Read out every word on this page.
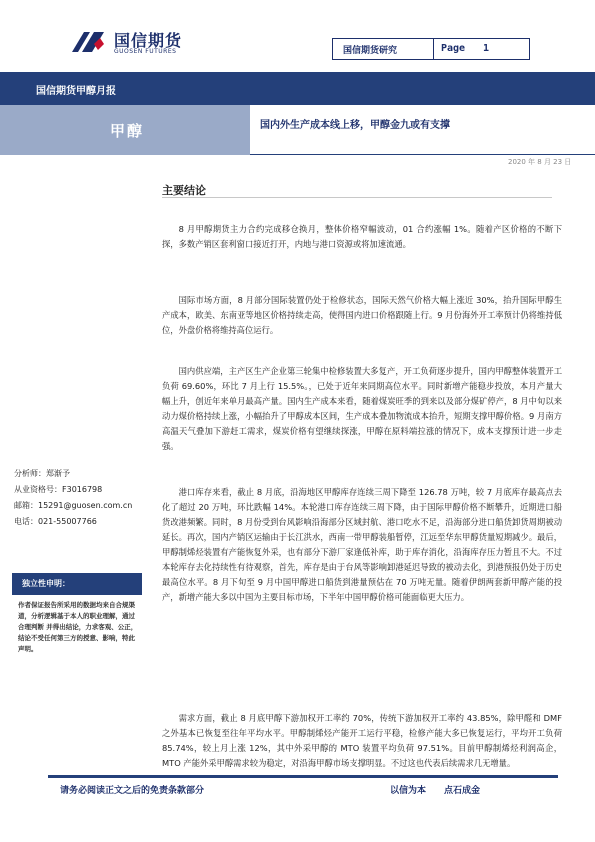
国信期货
GUOSEN FUTURES	国信期货研究	Page 1
国信期货甲醇月报
甲醇	国内外生产成本线上移，甲醇金九或有支撑
2020 年 8 月 23 日
主要结论

8 月甲醇期货主力合约完成移仓换月，整体价格窄幅波动，01 合约涨幅 1%。随着产区价格的不断下探，多数产销区套利窗口接近打开，内地与港口资源或将加速流通。

国际市场方面，8 月部分国际装置仍处于检修状态，国际天然气价格大幅上涨近 30%，抬升国际甲醇生产成本，欧美、东南亚等地区价格持续走高，使得国内进口价格跟随上行。9 月份海外开工率预计仍将维持低位，外盘价格将维持高位运行。

国内供应端，主产区生产企业第三轮集中检修装置大多复产，开工负荷逐步提升，国内甲醇整体装置开工负荷 69.60%，环比 7 月上行 15.5%。，已处于近年来同期高位水平。同时新增产能稳步投放，本月产量大幅上升，创近年来单月最高产量。国内生产成本来看，随着煤炭旺季的到来以及部分煤矿停产，8 月中旬以来动力煤价格持续上涨，小幅抬升了甲醇成本区间，生产成本叠加物流成本抬升，短期支撑甲醇价格。9 月南方高温天气叠加下游赶工需求，煤炭价格有望继续探涨，甲醇在原料端拉涨的情况下，成本支撑预计进一步走强。

港口库存来看，截止 8 月底，沿海地区甲醇库存连续三周下降至 126.78 万吨，较 7 月底库存最高点去化了超过 20 万吨，环比跌幅 14%。本轮港口库存连续三周下降，由于国际甲醇价格不断攀升，近期进口船货改港频繁。同时，8 月份受到台风影响沿海部分区域封航、港口吃水不足，沿海部分进口船货卸货周期被动延长。再次，国内产销区运输由于长江洪水，西南一带甲醇装船暂停，江远至华东甲醇货量短期减少。最后，甲醇制烯烃装置有产能恢复外采，也有部分下游厂家逢低补库，助于库存消化，沿海库存压力暂且不大。不过本轮库存去化持续性有待观察，首先，库存是由于台风等影响卸港延迟导致的被动去化，到港预报仍处于历史最高位水平。8 月下旬至 9 月中国甲醇进口船货到港量预估在 70 万吨无量。随着伊朗两套新甲醇产能的投产，新增产能大多以中国为主要目标市场，下半年中国甲醇价格可能面临更大压力。

需求方面，截止 8 月底甲醇下游加权开工率约 70%，传统下游加权开工率约 43.85%，除甲醛和 DMF 之外基本已恢复至往年平均水平。甲醇制烯烃产能开工运行平稳，检修产能大多已恢复运行，平均开工负荷 85.74%，较上月上涨 12%，其中外采甲醇的 MTO 装置平均负荷 97.51%。目前甲醇制烯烃利润高企，MTO 产能外采甲醇需求较为稳定，对沿海甲醇市场支撑明显。不过这也代表后续需求几无增量。

分析师：郑渐予
从业资格号：F3016798
邮箱：15291@guosen.com.cn
电话：021-55007766
独立性申明：
作者保证报告所采用的数据均来自合规渠道，分析逻辑基于本人的职业理解，通过合理判断 并得出结论，力求客观、公正，结论不受任何第三方的授意、影响，特此声明。
请务必阅读正文之后的免责条款部分	以信为本　　点石成金
